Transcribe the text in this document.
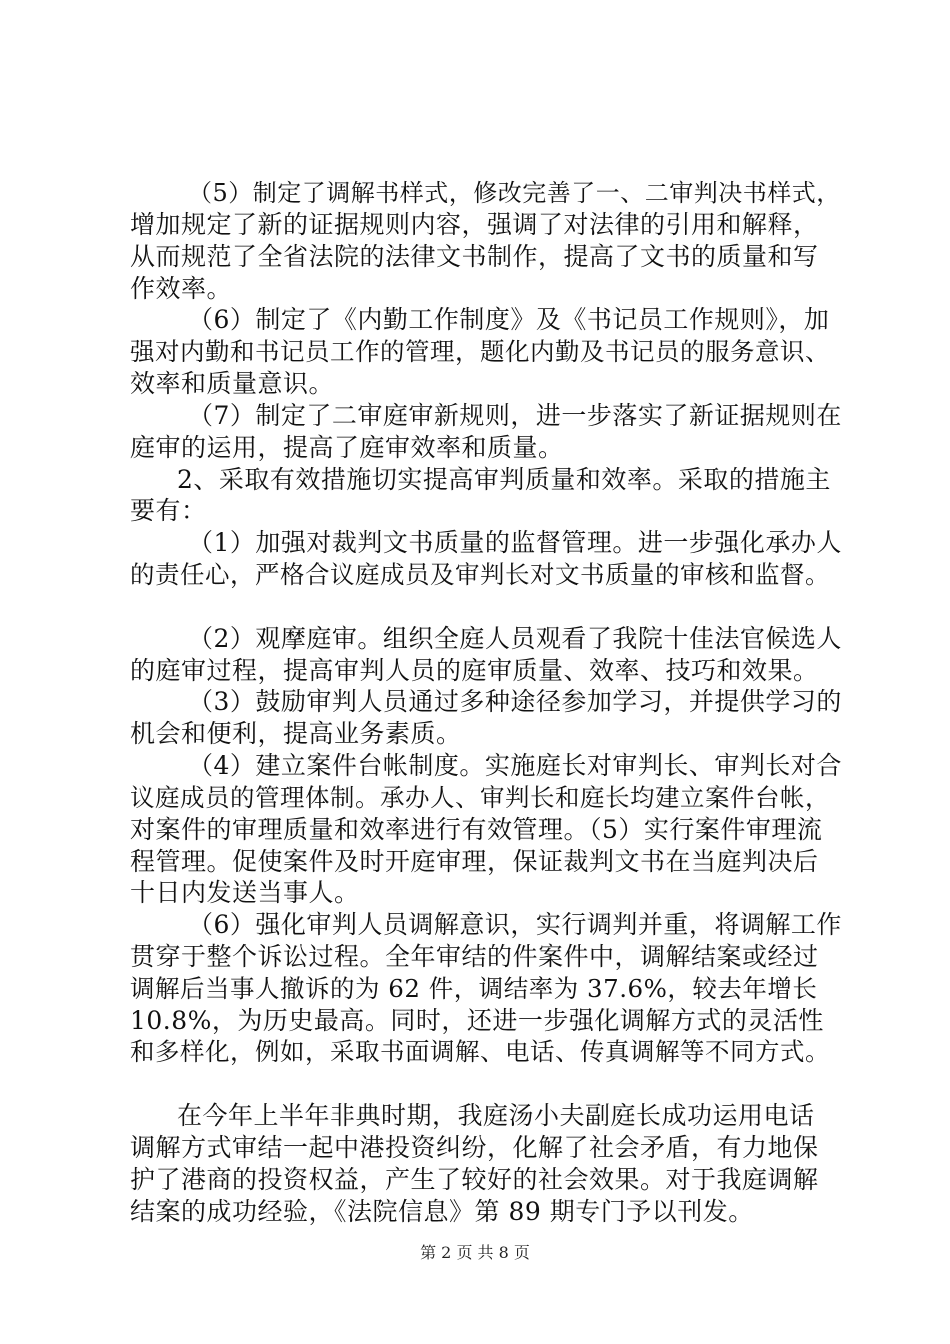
（5）制定了调解书样式，修改完善了一、二审判决书样式，
增加规定了新的证据规则内容，强调了对法律的引用和解释，
从而规范了全省法院的法律文书制作，提高了文书的质量和写
作效率。
（6）制定了《内勤工作制度》及《书记员工作规则》，加
强对内勤和书记员工作的管理，题化内勤及书记员的服务意识、
效率和质量意识。
（7）制定了二审庭审新规则，进一步落实了新证据规则在
庭审的运用，提高了庭审效率和质量。
2、采取有效措施切实提高审判质量和效率。采取的措施主
要有：
（1）加强对裁判文书质量的监督管理。进一步强化承办人
的责任心，严格合议庭成员及审判长对文书质量的审核和监督。
（2）观摩庭审。组织全庭人员观看了我院十佳法官候选人
的庭审过程，提高审判人员的庭审质量、效率、技巧和效果。
（3）鼓励审判人员通过多种途径参加学习，并提供学习的
机会和便利，提高业务素质。
（4）建立案件台帐制度。实施庭长对审判长、审判长对合
议庭成员的管理体制。承办人、审判长和庭长均建立案件台帐，
对案件的审理质量和效率进行有效管理。（5）实行案件审理流
程管理。促使案件及时开庭审理，保证裁判文书在当庭判决后
十日内发送当事人。
（6）强化审判人员调解意识，实行调判并重，将调解工作
贯穿于整个诉讼过程。全年审结的件案件中，调解结案或经过
调解后当事人撤诉的为 62 件，调结率为 37.6%，较去年增长
10.8%，为历史最高。同时，还进一步强化调解方式的灵活性
和多样化，例如，采取书面调解、电话、传真调解等不同方式。
在今年上半年非典时期，我庭汤小夫副庭长成功运用电话
调解方式审结一起中港投资纠纷，化解了社会矛盾，有力地保
护了港商的投资权益，产生了较好的社会效果。对于我庭调解
结案的成功经验，《法院信息》第 89 期专门予以刊发。
第 2 页 共 8 页
